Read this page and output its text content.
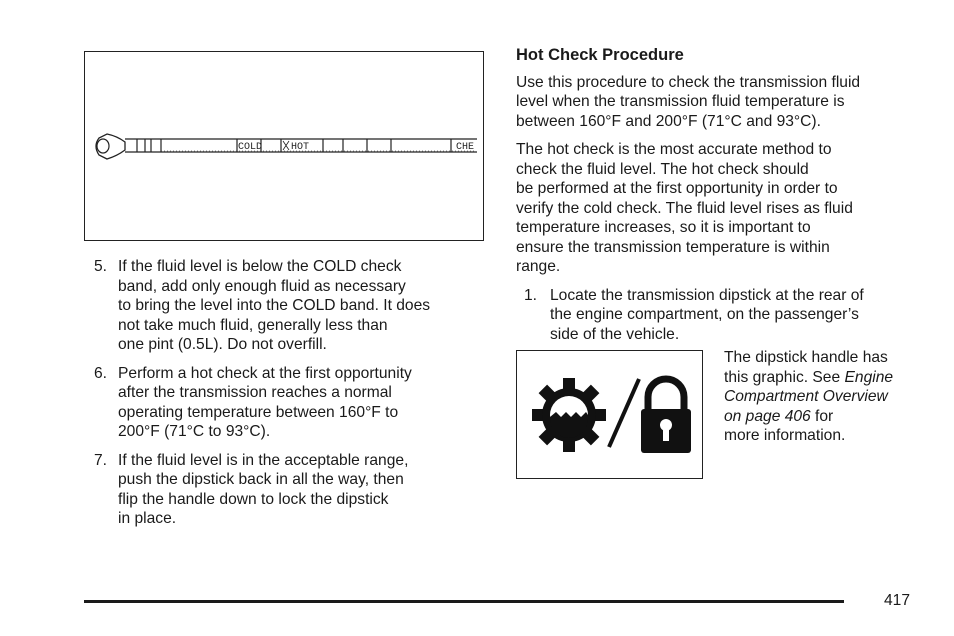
COLD	HOT	CHE
5. If the fluid level is below the COLD check
band, add only enough fluid as necessary
to bring the level into the COLD band. It does
not take much fluid, generally less than
one pint (0.5L). Do not overfill.
6. Perform a hot check at the first opportunity
after the transmission reaches a normal
operating temperature between 160°F to
200°F (71°C to 93°C).
7. If the fluid level is in the acceptable range,
push the dipstick back in all the way, then
flip the handle down to lock the dipstick
in place.
Hot Check Procedure

Use this procedure to check the transmission fluid
level when the transmission fluid temperature is
between 160°F and 200°F (71°C and 93°C).

The hot check is the most accurate method to
check the fluid level. The hot check should
be performed at the first opportunity in order to
verify the cold check. The fluid level rises as fluid
temperature increases, so it is important to
ensure the transmission temperature is within
range.

1. Locate the transmission dipstick at the rear of
the engine compartment, on the passenger’s
side of the vehicle.
The dipstick handle has
this graphic. See Engine
Compartment Overview
on page 406 for
more information.
417
